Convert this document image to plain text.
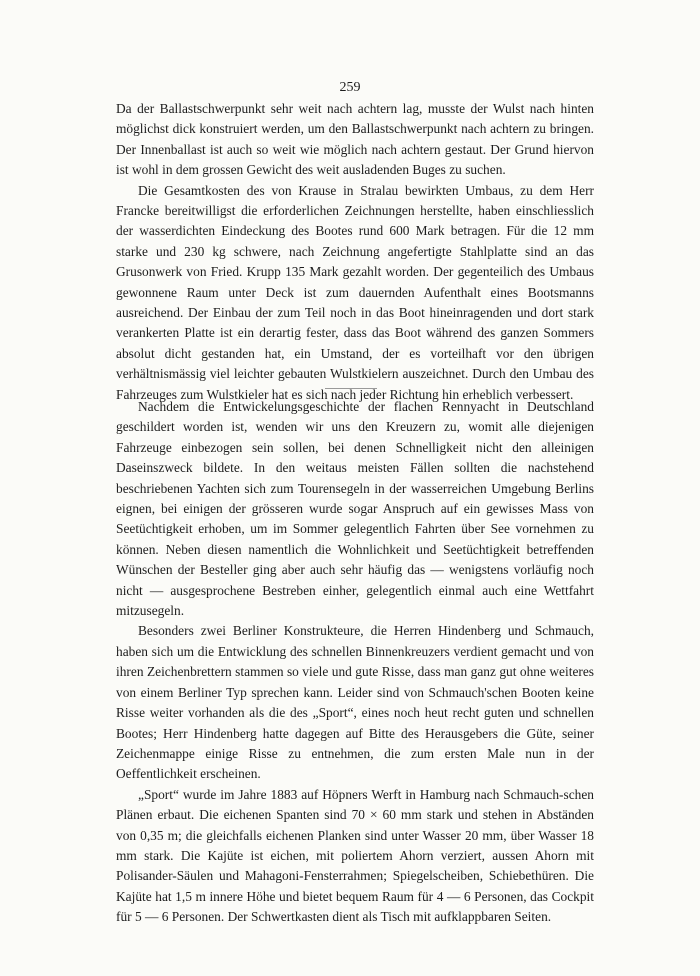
259

Da der Ballastschwerpunkt sehr weit nach achtern lag, musste der Wulst nach hinten möglichst dick konstruiert werden, um den Ballastschwerpunkt nach achtern zu bringen. Der Innenballast ist auch so weit wie möglich nach achtern gestaut. Der Grund hiervon ist wohl in dem grossen Gewicht des weit ausladenden Buges zu suchen.

Die Gesamtkosten des von Krause in Stralau bewirkten Umbaus, zu dem Herr Francke bereitwilligst die erforderlichen Zeichnungen herstellte, haben einschliesslich der wasserdichten Eindeckung des Bootes rund 600 Mark betragen. Für die 12 mm starke und 230 kg schwere, nach Zeichnung angefertigte Stahlplatte sind an das Grusonwerk von Fried. Krupp 135 Mark gezahlt worden. Der gegenteilich des Umbaus gewonnene Raum unter Deck ist zum dauernden Aufenthalt eines Bootsmanns ausreichend. Der Einbau der zum Teil noch in das Boot hineinragenden und dort stark verankerten Platte ist ein derartig fester, dass das Boot während des ganzen Sommers absolut dicht gestanden hat, ein Umstand, der es vorteilhaft vor den übrigen verhältnismässig viel leichter gebauten Wulstkielern auszeichnet. Durch den Umbau des Fahrzeuges zum Wulstkieler hat es sich nach jeder Richtung hin erheblich verbessert.

Nachdem die Entwickelungsgeschichte der flachen Rennyacht in Deutschland geschildert worden ist, wenden wir uns den Kreuzern zu, womit alle diejenigen Fahrzeuge einbezogen sein sollen, bei denen Schnelligkeit nicht den alleinigen Daseinszweck bildete. In den weitaus meisten Fällen sollten die nachstehend beschriebenen Yachten sich zum Tourensegeln in der wasserreichen Umgebung Berlins eignen, bei einigen der grösseren wurde sogar Anspruch auf ein gewisses Mass von Seetüchtigkeit erhoben, um im Sommer gelegentlich Fahrten über See vornehmen zu können. Neben diesen namentlich die Wohnlichkeit und Seetüchtigkeit betreffenden Wünschen der Besteller ging aber auch sehr häufig das — wenigstens vorläufig noch nicht — ausgesprochene Bestreben einher, gelegentlich einmal auch eine Wettfahrt mitzusegeln.

Besonders zwei Berliner Konstrukteure, die Herren Hindenberg und Schmauch, haben sich um die Entwicklung des schnellen Binnenkreuzers verdient gemacht und von ihren Zeichenbrettern stammen so viele und gute Risse, dass man ganz gut ohne weiteres von einem Berliner Typ sprechen kann. Leider sind von Schmauch'schen Booten keine Risse weiter vorhanden als die des „Sport“, eines noch heut recht guten und schnellen Bootes; Herr Hindenberg hatte dagegen auf Bitte des Herausgebers die Güte, seiner Zeichenmappe einige Risse zu entnehmen, die zum ersten Male nun in der Oeffentlichkeit erscheinen.

„Sport“ wurde im Jahre 1883 auf Höpners Werft in Hamburg nach Schmauch-schen Plänen erbaut. Die eichenen Spanten sind 70 × 60 mm stark und stehen in Abständen von 0,35 m; die gleichfalls eichenen Planken sind unter Wasser 20 mm, über Wasser 18 mm stark. Die Kajüte ist eichen, mit poliertem Ahorn verziert, aussen Ahorn mit Polisander-Säulen und Mahagoni-Fensterrahmen; Spiegelscheiben, Schiebethüren. Die Kajüte hat 1,5 m innere Höhe und bietet bequem Raum für 4 — 6 Personen, das Cockpit für 5 — 6 Personen. Der Schwertkasten dient als Tisch mit aufklappbaren Seiten.
